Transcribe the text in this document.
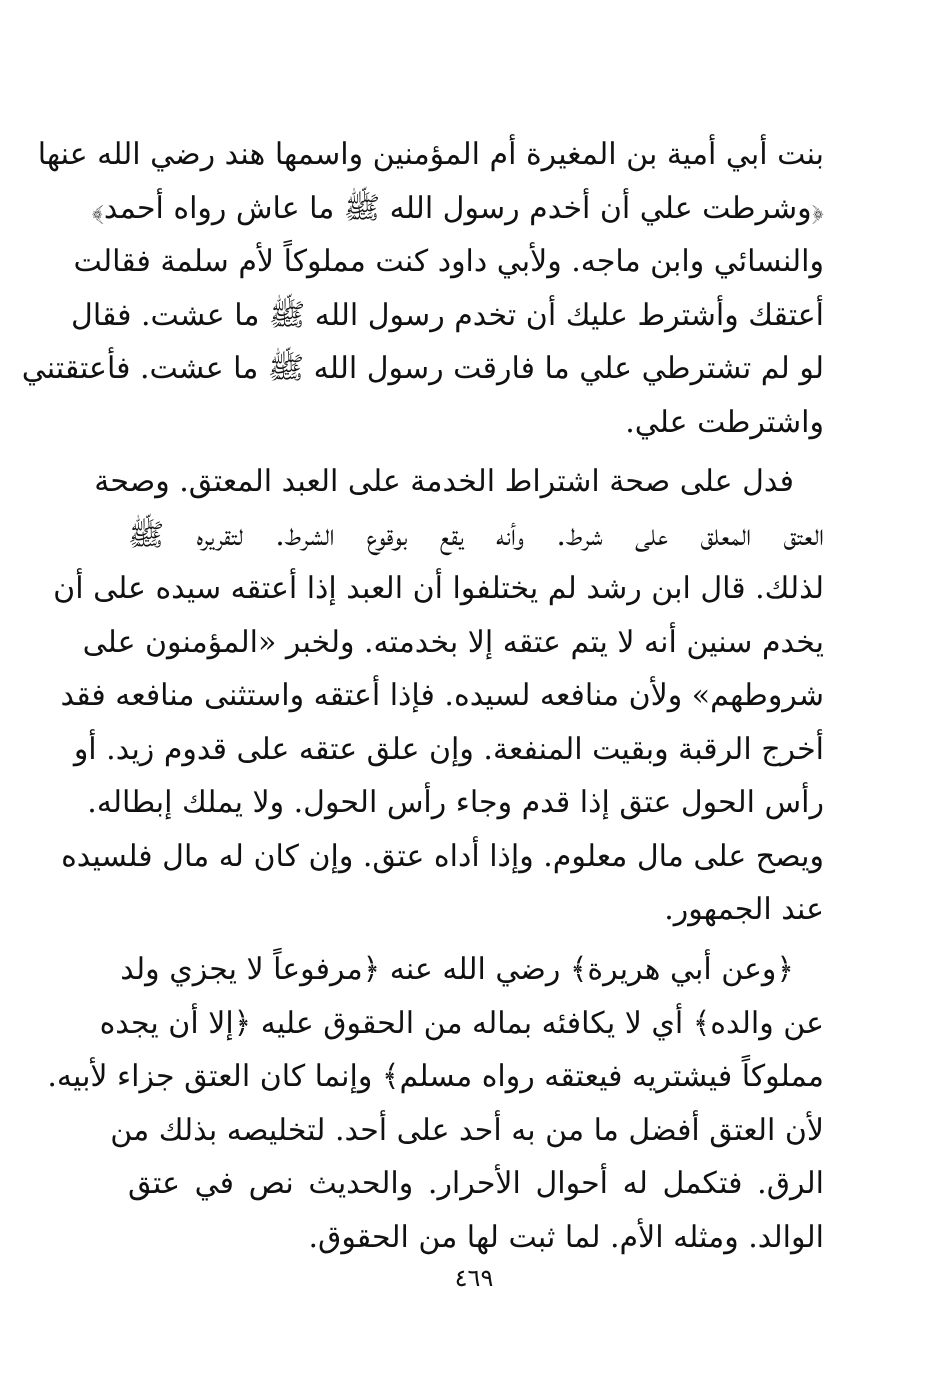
بنت أبي أمية بن المغيرة أم المؤمنين واسمها هند رضي الله عنها
﴿وشرطت علي أن أخدم رسول الله ﷺ ما عاش رواه أحمد﴾
والنسائي وابن ماجه. ولأبي داود كنت مملوكاً لأم سلمة فقالت
أعتقك وأشترط عليك أن تخدم رسول الله ﷺ ما عشت. فقال
لو لم تشترطي علي ما فارقت رسول الله ﷺ ما عشت. فأعتقتني
واشترطت علي.
فدل على صحة اشتراط الخدمة على العبد المعتق. وصحة
العتق المعلق على شرط. وأنه يقع بوقوع الشرط. لتقريره ﷺ
لذلك. قال ابن رشد لم يختلفوا أن العبد إذا أعتقه سيده على أن
يخدم سنين أنه لا يتم عتقه إلا بخدمته. ولخبر «المؤمنون على
شروطهم» ولأن منافعه لسيده. فإذا أعتقه واستثنى منافعه فقد
أخرج الرقبة وبقيت المنفعة. وإن علق عتقه على قدوم زيد. أو
رأس الحول عتق إذا قدم وجاء رأس الحول. ولا يملك إبطاله.
ويصح على مال معلوم. وإذا أداه عتق. وإن كان له مال فلسيده
عند الجمهور.
﴿وعن أبي هريرة﴾ رضي الله عنه ﴿مرفوعاً لا يجزي ولد
عن والده﴾ أي لا يكافئه بماله من الحقوق عليه ﴿إلا أن يجده
مملوكاً فيشتريه فيعتقه رواه مسلم﴾ وإنما كان العتق جزاء لأبيه.
لأن العتق أفضل ما من به أحد على أحد. لتخليصه بذلك من
الرق. فتكمل له أحوال الأحرار. والحديث نص في عتق
الوالد. ومثله الأم. لما ثبت لها من الحقوق.
٤٦٩
